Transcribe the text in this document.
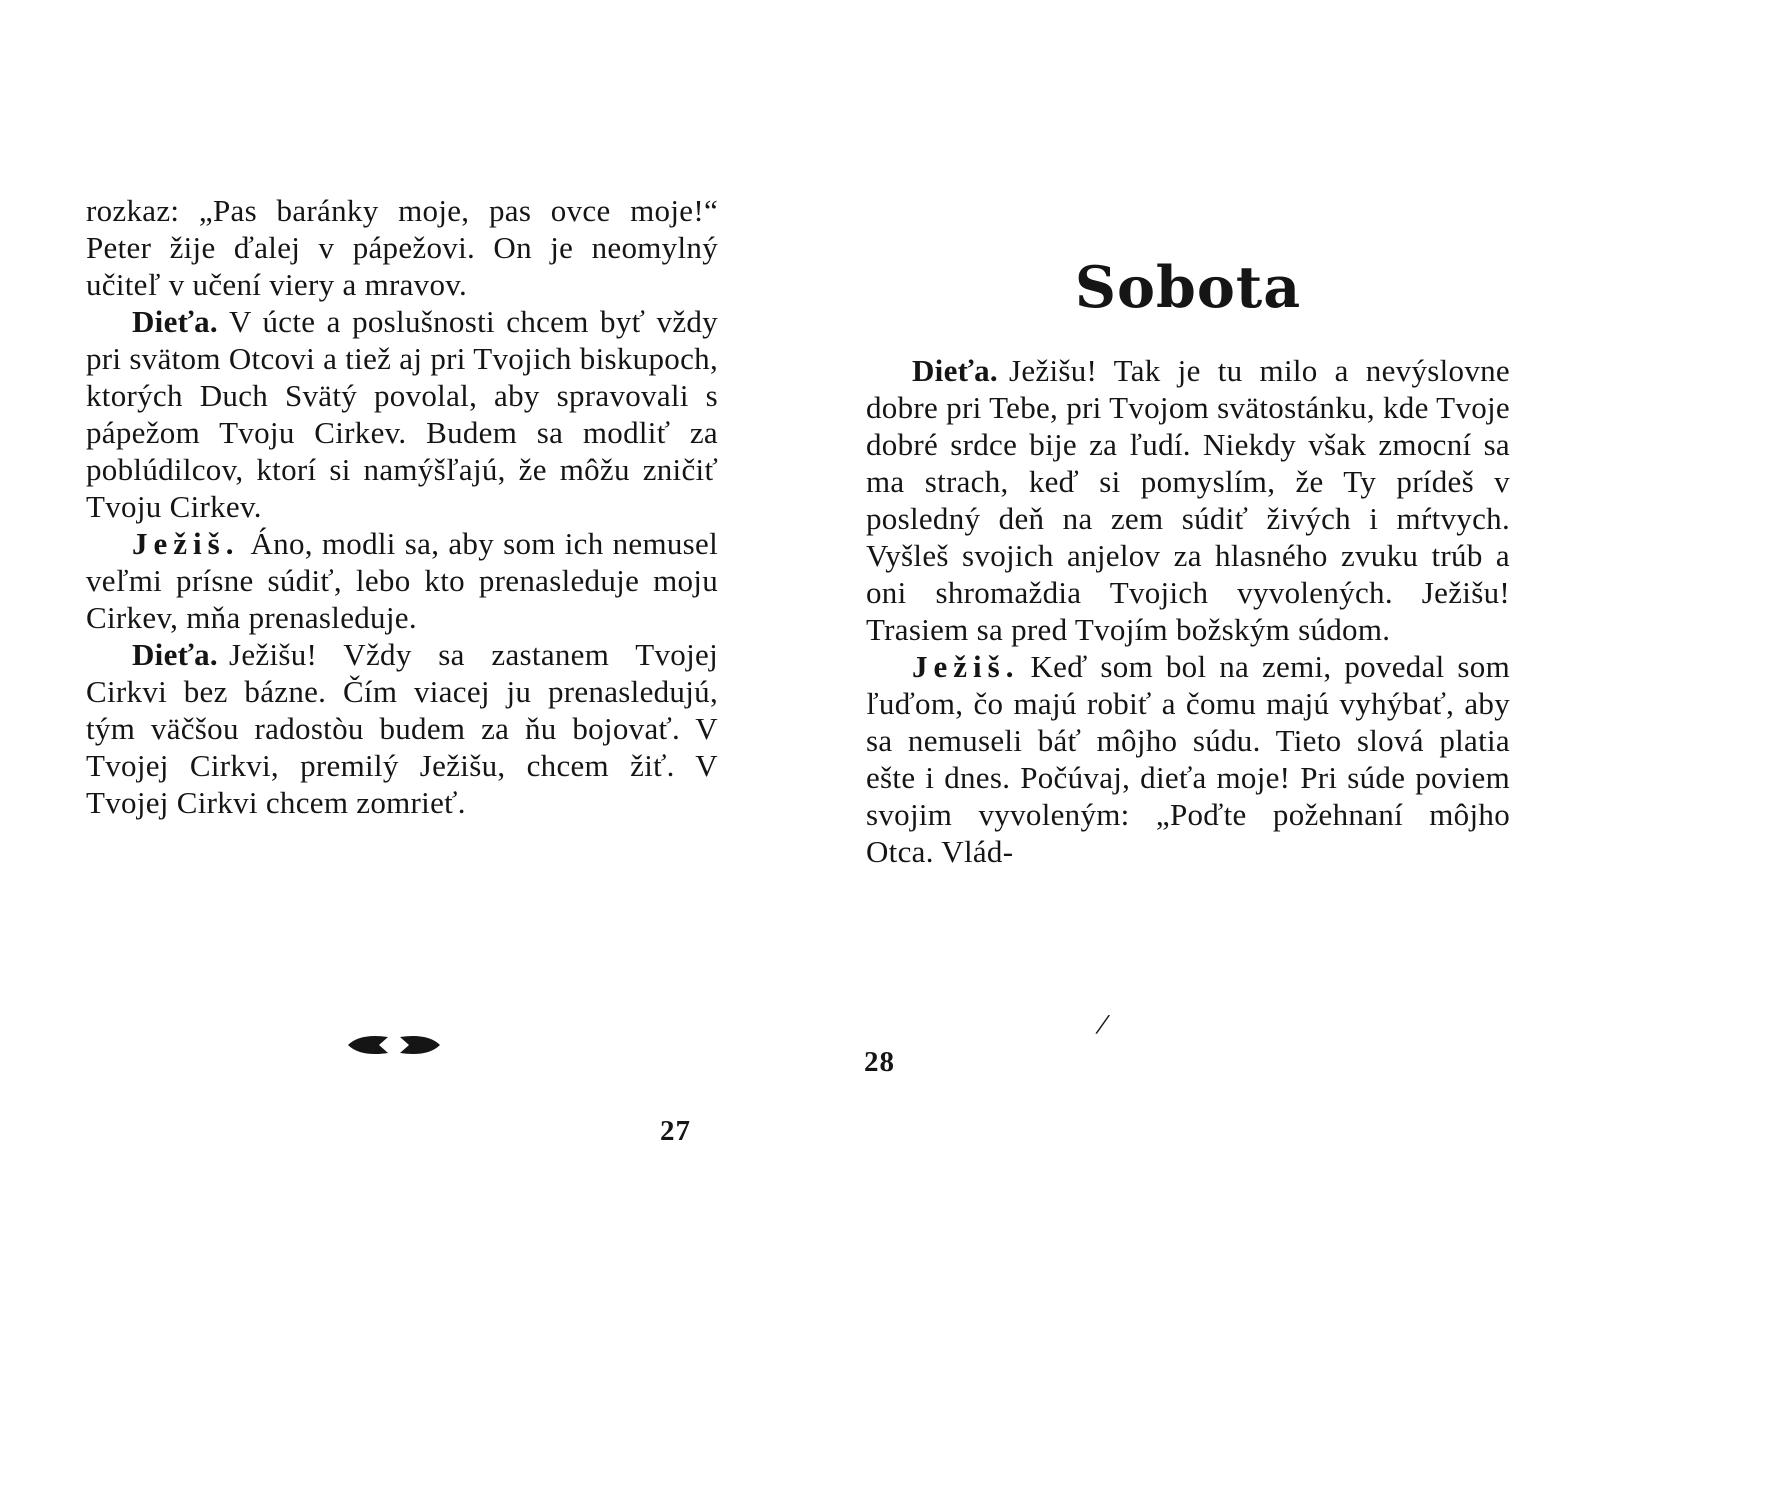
rozkaz: „Pas baránky moje, pas ovce moje!“ Peter žije ďalej v pápežovi. On je neomylný učiteľ v učení viery a mravov.

Dieťa. V úcte a poslušnosti chcem byť vždy pri svätom Otcovi a tiež aj pri Tvojich biskupoch, ktorých Duch Svätý povolal, aby spravovali s pápežom Tvoju Cirkev. Budem sa modliť za poblúdilcov, ktorí si namýšľajú, že môžu zničiť Tvoju Cirkev.

Ježiš. Áno, modli sa, aby som ich nemusel veľmi prísne súdiť, lebo kto prenasleduje moju Cirkev, mňa prenasleduje.

Dieťa. Ježišu! Vždy sa zastanem Tvojej Cirkvi bez bázne. Čím viacej ju prenasledujú, tým väčšou radostòu budem za ňu bojovať. V Tvojej Cirkvi, premilý Ježišu, chcem žiť. V Tvojej Cirkvi chcem zomrieť.

27
Sobota

Dieťa. Ježišu! Tak je tu milo a nevýslovne dobre pri Tebe, pri Tvojom svätostánku, kde Tvoje dobré srdce bije za ľudí. Niekdy však zmocní sa ma strach, keď si pomyslím, že Ty prídeš v posledný deň na zem súdiť živých i mŕtvych. Vyšleš svojich anjelov za hlasného zvuku trúb a oni shromaždia Tvojich vyvolených. Ježišu! Trasiem sa pred Tvojím božským súdom.

Ježiš. Keď som bol na zemi, povedal som ľuďom, čo majú robiť a čomu majú vyhýbať, aby sa nemuseli báť môjho súdu. Tieto slová platia ešte i dnes. Počúvaj, dieťa moje! Pri súde poviem svojim vyvoleným: „Poďte požehnaní môjho Otca. Vlád-

/
28
